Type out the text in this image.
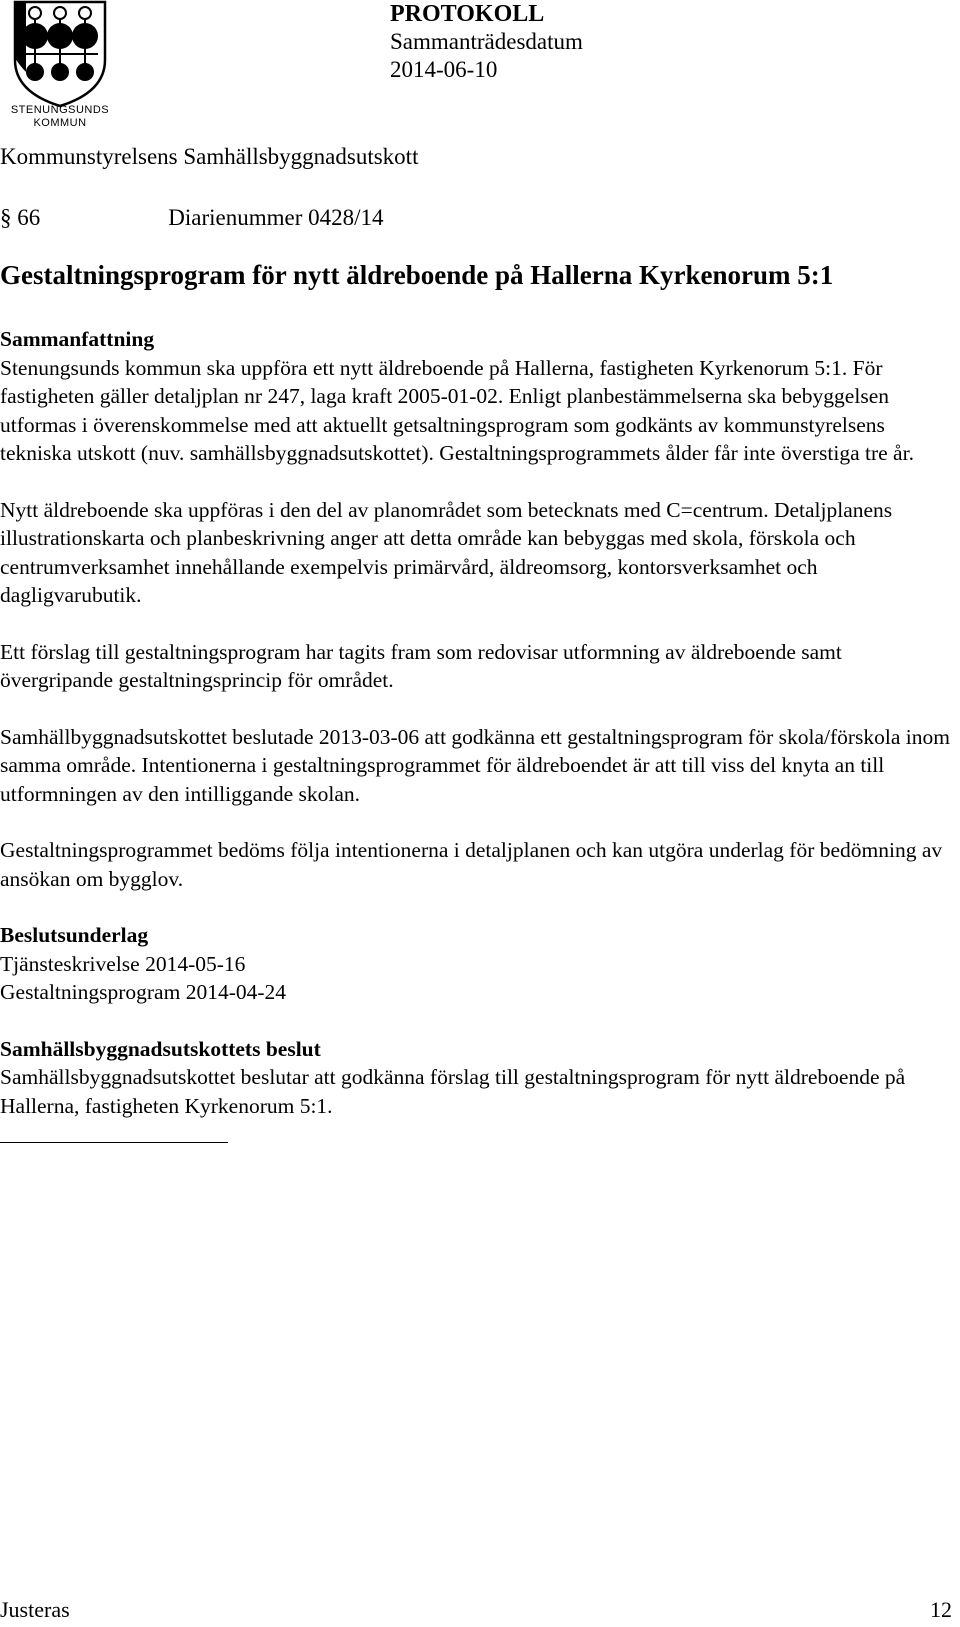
STENUNGSUNDS
KOMMUN
PROTOKOLL
Sammanträdesdatum
2014-06-10
Kommunstyrelsens Samhällsbyggnadsutskott
§ 66	Diarienummer 0428/14
Gestaltningsprogram för nytt äldreboende på Hallerna Kyrkenorum 5:1
Sammanfattning

Stenungsunds kommun ska uppföra ett nytt äldreboende på Hallerna, fastigheten Kyrkenorum 5:1. För fastigheten gäller detaljplan nr 247, laga kraft 2005-01-02. Enligt planbestämmelserna ska bebyggelsen utformas i överenskommelse med att aktuellt getsaltningsprogram som godkänts av kommunstyrelsens tekniska utskott (nuv. samhällsbyggnadsutskottet). Gestaltningsprogrammets ålder får inte överstiga tre år.

Nytt äldreboende ska uppföras i den del av planområdet som betecknats med C=centrum. Detaljplanens illustrationskarta och planbeskrivning anger att detta område kan bebyggas med skola, förskola och centrumverksamhet innehållande exempelvis primärvård, äldreomsorg, kontorsverksamhet och dagligvarubutik.

Ett förslag till gestaltningsprogram har tagits fram som redovisar utformning av äldreboende samt övergripande gestaltningsprincip för området.

Samhällbyggnadsutskottet beslutade 2013-03-06 att godkänna ett gestaltningsprogram för skola/förskola inom samma område. Intentionerna i gestaltningsprogrammet för äldreboendet är att till viss del knyta an till utformningen av den intilliggande skolan.

Gestaltningsprogrammet bedöms följa intentionerna i detaljplanen och kan utgöra underlag för bedömning av ansökan om bygglov.

Beslutsunderlag
Tjänsteskrivelse 2014-05-16
Gestaltningsprogram 2014-04-24
Samhällsbyggnadsutskottets beslut

Samhällsbyggnadsutskottet beslutar att godkänna förslag till gestaltningsprogram för nytt äldreboende på Hallerna, fastigheten Kyrkenorum 5:1.

Justeras	12
